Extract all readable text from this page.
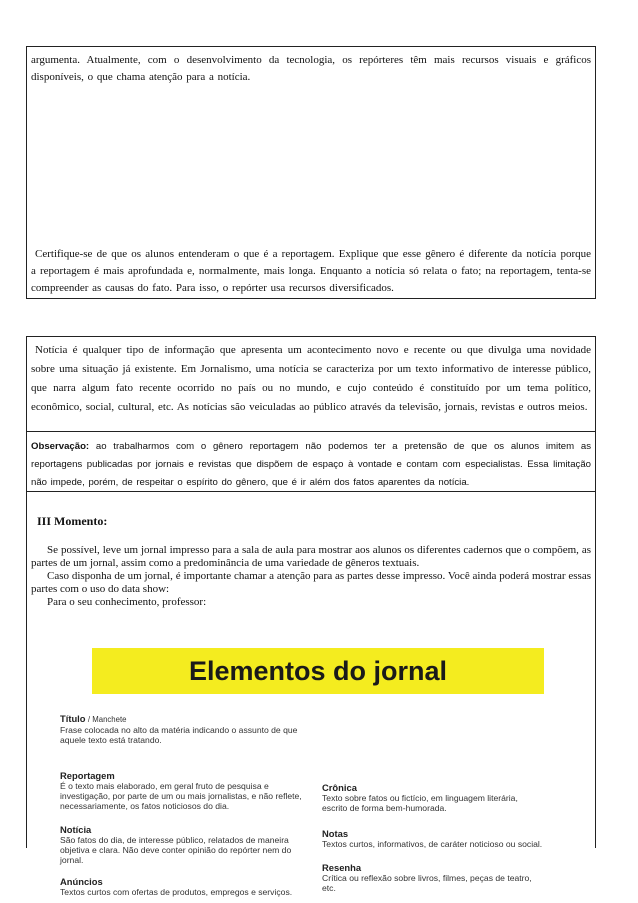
argumenta. Atualmente, com o desenvolvimento da tecnologia, os repórteres têm mais recursos visuais e gráficos disponíveis, o que chama atenção para a notícia.
Certifique-se de que os alunos entenderam o que é a reportagem. Explique que esse gênero é diferente da notícia porque a reportagem é mais aprofundada e, normalmente, mais longa. Enquanto a notícia só relata o fato; na reportagem, tenta-se compreender as causas do fato. Para isso, o repórter usa recursos diversificados.
Notícia é qualquer tipo de informação que apresenta um acontecimento novo e recente ou que divulga uma novidade sobre uma situação já existente. Em Jornalismo, uma notícia se caracteriza por um texto informativo de interesse público, que narra algum fato recente ocorrido no país ou no mundo, e cujo conteúdo é constituído por um tema político, econômico, social, cultural, etc. As notícias são veiculadas ao público através da televisão, jornais, revistas e outros meios.
Observação: ao trabalharmos com o gênero reportagem não podemos ter a pretensão de que os alunos imitem as reportagens publicadas por jornais e revistas que dispõem de espaço à vontade e contam com especialistas. Essa limitação não impede, porém, de respeitar o espírito do gênero, que é ir além dos fatos aparentes da notícia.
III Momento:
Se possível, leve um jornal impresso para a sala de aula para mostrar aos alunos os diferentes cadernos que o compõem, as partes de um jornal, assim como a predominância de uma variedade de gêneros textuais.
Caso disponha de um jornal, é importante chamar a atenção para as partes desse impresso. Você ainda poderá mostrar essas partes com o uso do data show:
Para o seu conhecimento, professor:
Elementos do jornal
Título / Manchete
Frase colocada no alto da matéria indicando o assunto de que aquele texto está tratando.
Reportagem
É o texto mais elaborado, em geral fruto de pesquisa e investigação, por parte de um ou mais jornalistas, e não reflete, necessariamente, os fatos noticiosos do dia.
Notícia
São fatos do dia, de interesse público, relatados de maneira objetiva e clara. Não deve conter opinião do repórter nem do jornal.
Anúncios
Textos curtos com ofertas de produtos, empregos e serviços.
Crônica
Texto sobre fatos ou fictício, em linguagem literária, escrito de forma bem-humorada.
Notas
Textos curtos, informativos, de caráter noticioso ou social.
Resenha
Crítica ou reflexão sobre livros, filmes, peças de teatro, etc.
